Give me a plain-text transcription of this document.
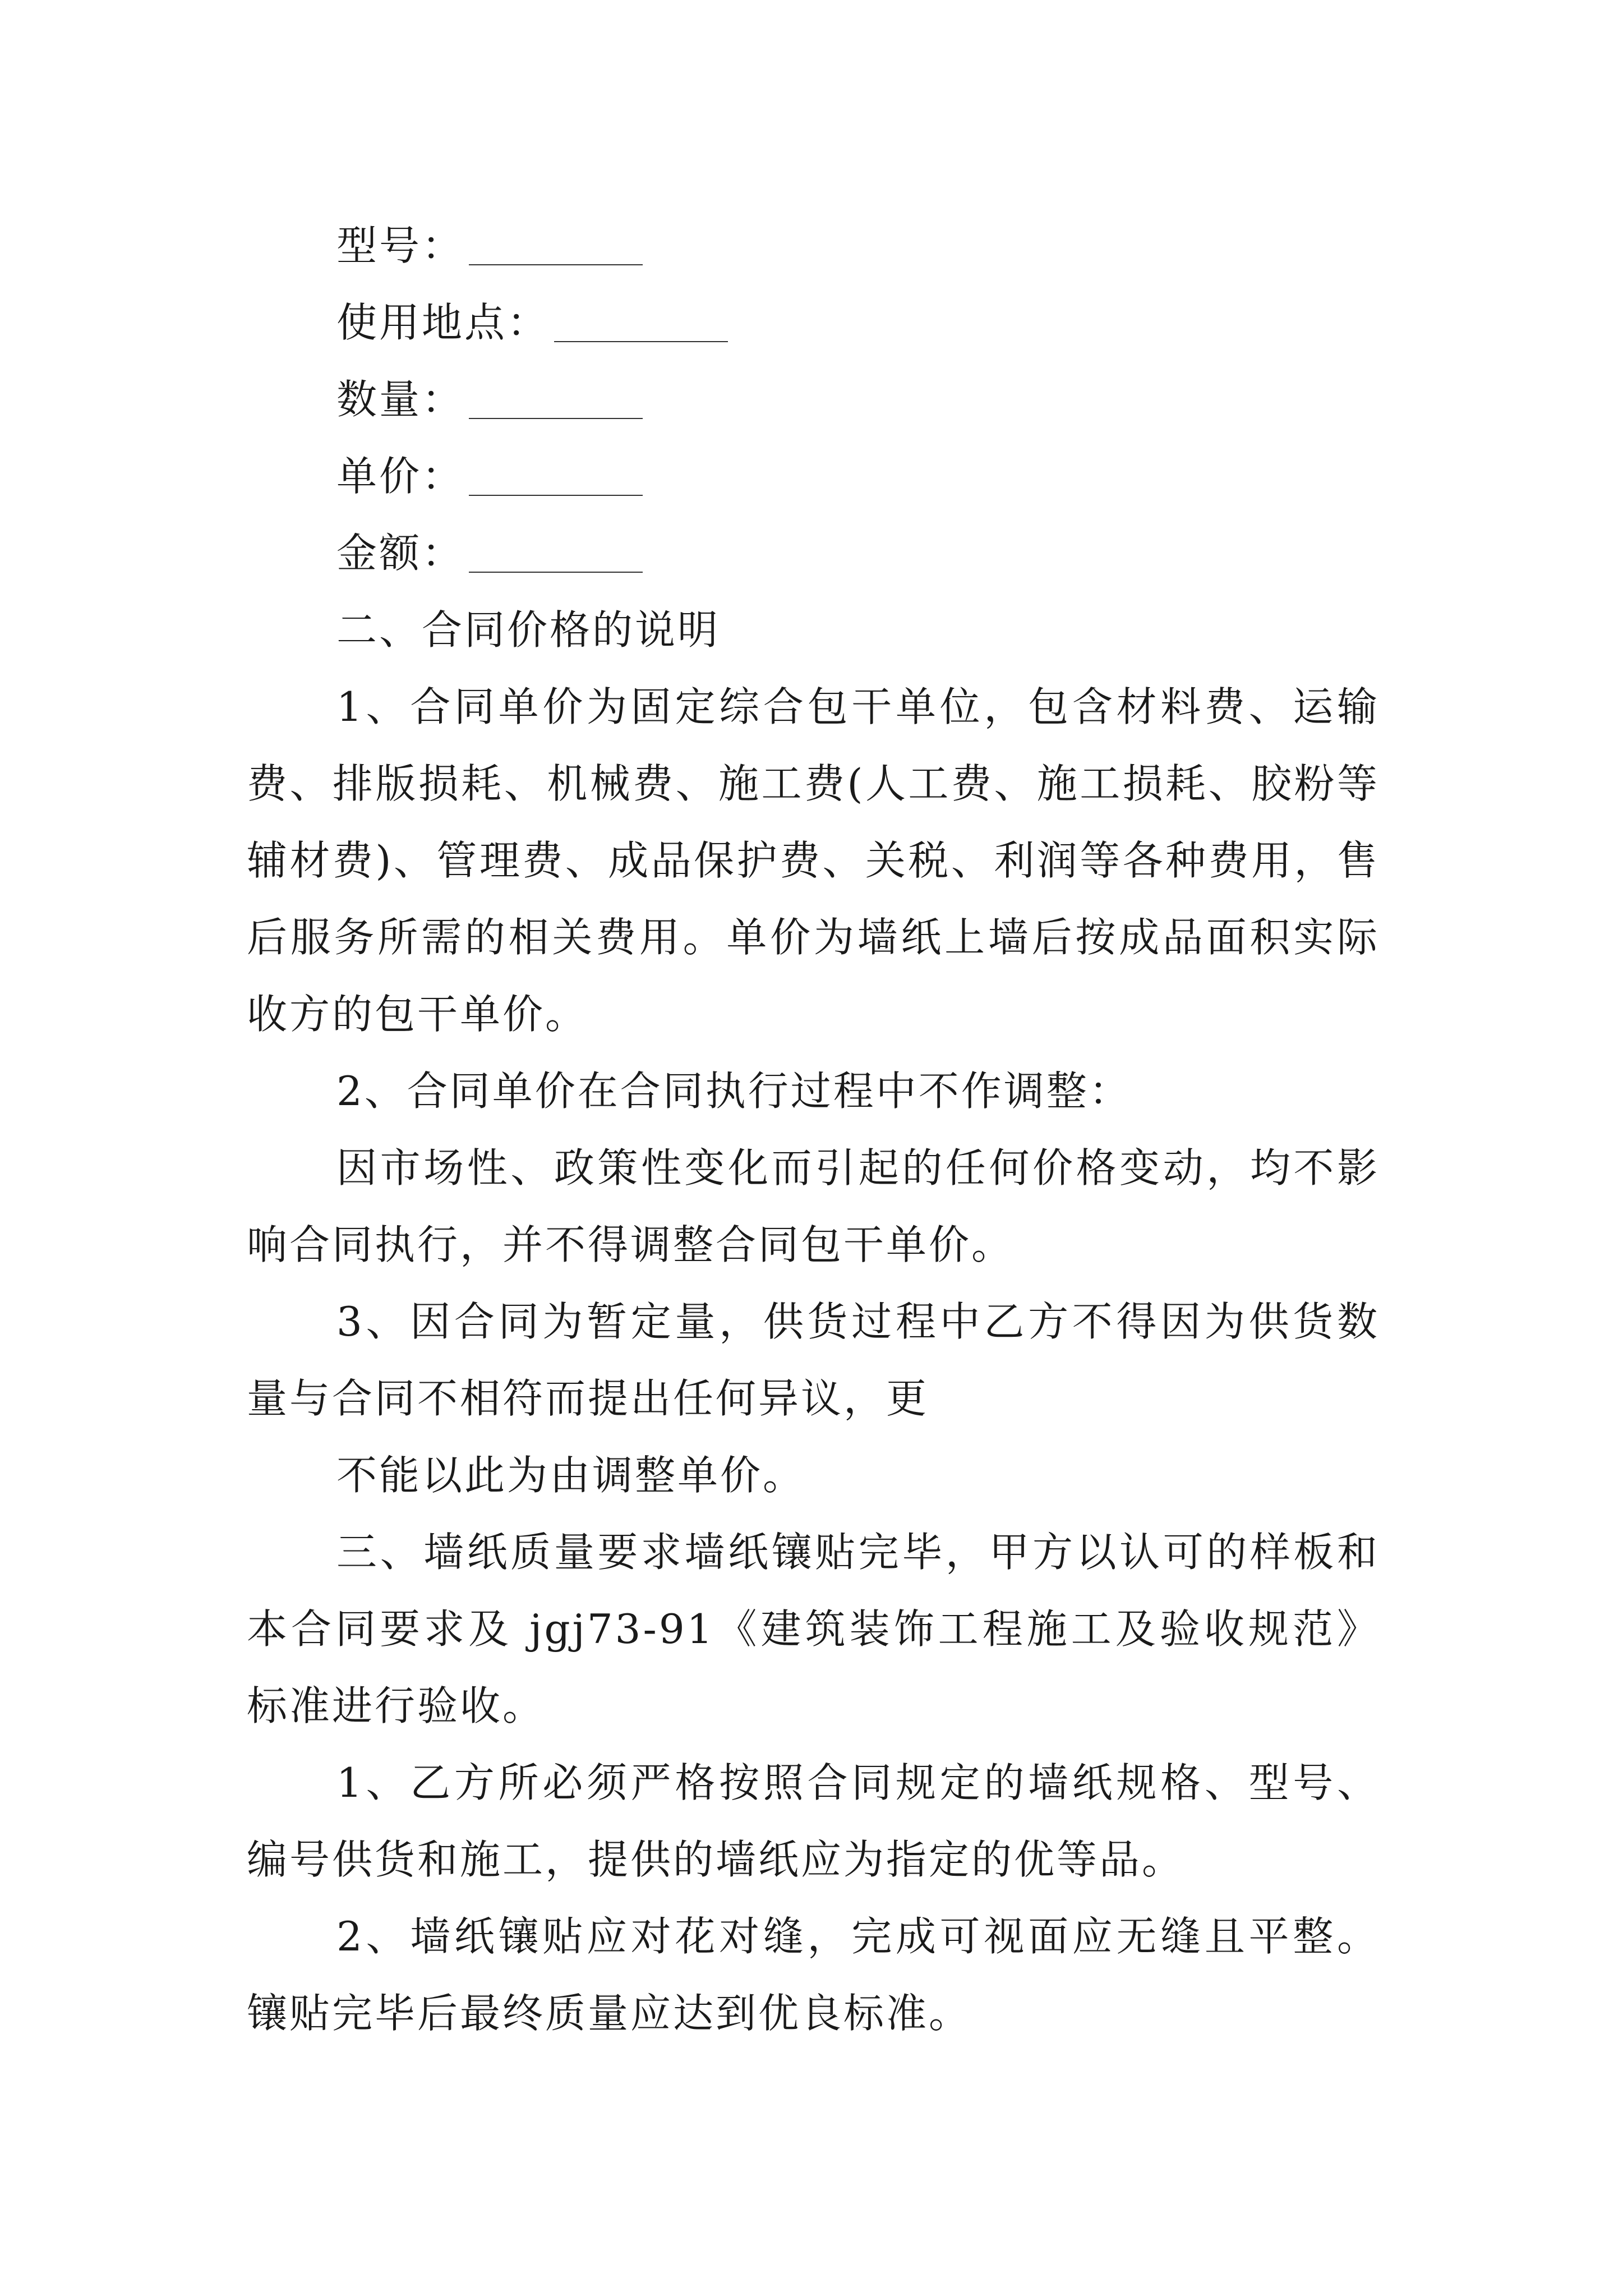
型号：
使用地点：
数量：
单价：
金额：

二、合同价格的说明

1、合同单价为固定综合包干单位，包含材料费、运输费、排版损耗、机械费、施工费(人工费、施工损耗、胶粉等辅材费)、管理费、成品保护费、关税、利润等各种费用，售后服务所需的相关费用。单价为墙纸上墙后按成品面积实际收方的包干单价。

2、合同单价在合同执行过程中不作调整：

因市场性、政策性变化而引起的任何价格变动，均不影响合同执行，并不得调整合同包干单价。

3、因合同为暂定量，供货过程中乙方不得因为供货数量与合同不相符而提出任何异议，更

不能以此为由调整单价。

三、墙纸质量要求墙纸镶贴完毕，甲方以认可的样板和本合同要求及 jgj73-91《建筑装饰工程施工及验收规范》标准进行验收。

1、乙方所必须严格按照合同规定的墙纸规格、型号、编号供货和施工，提供的墙纸应为指定的优等品。

2、墙纸镶贴应对花对缝，完成可视面应无缝且平整。镶贴完毕后最终质量应达到优良标准。
